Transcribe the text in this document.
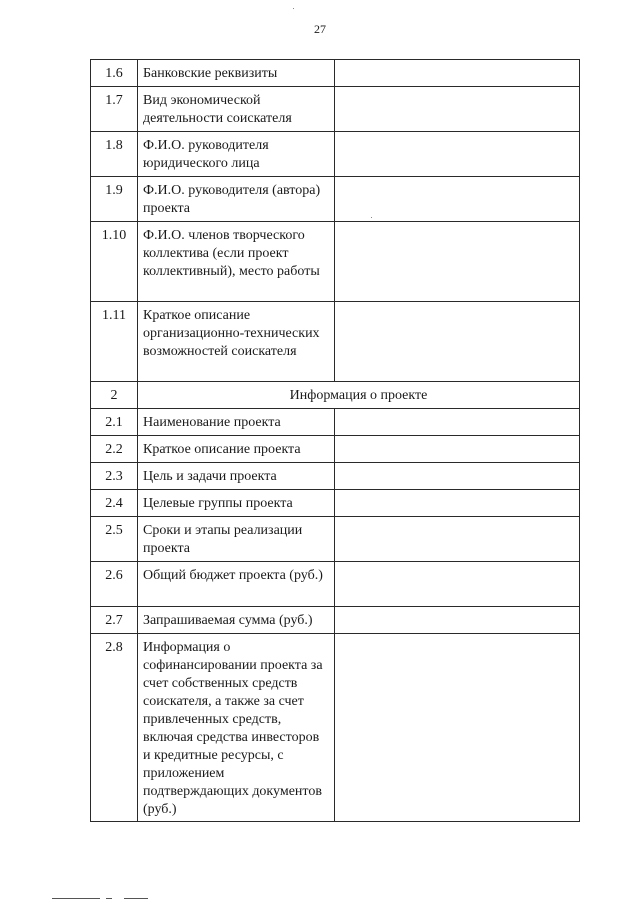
27
1.6	Банковские реквизиты	
1.7	Вид экономической деятельности соискателя	
1.8	Ф.И.О. руководителя юридического лица	
1.9	Ф.И.О. руководителя (автора) проекта	
1.10	Ф.И.О. членов творческого коллектива (если проект коллективный), место работы	
1.11	Краткое описание организационно-технических возможностей соискателя	
2	Информация о проекте	
2.1	Наименование проекта	
2.2	Краткое описание проекта	
2.3	Цель и задачи проекта	
2.4	Целевые группы проекта	
2.5	Сроки и этапы реализации проекта	
2.6	Общий бюджет проекта (руб.)	
2.7	Запрашиваемая сумма (руб.)	
2.8	Информация о софинансировании проекта за счет собственных средств соискателя, а также за счет привлеченных средств, включая средства инвесторов и кредитные ресурсы, с приложением подтверждающих документов (руб.)	
